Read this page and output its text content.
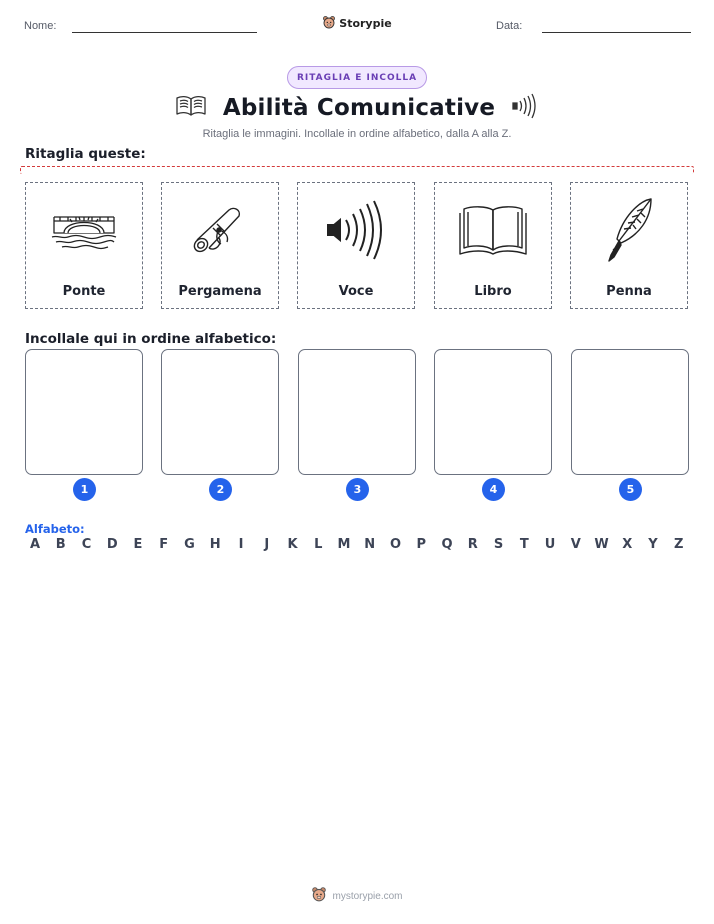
Nome:	Storypie	Data:
RITAGLIA E INCOLLA
Abilità Comunicative
Ritaglia le immagini. Incollale in ordine alfabetico, dalla A alla Z.
Ritaglia queste:
Ponte	Pergamena	Voce	Libro	Penna
Incollale qui in ordine alfabetico:
1	2	3	4	5
Alfabeto:
A	B	C	D	E	F	G	H	I	J	K	L	M	N	O	P	Q	R	S	T	U	V	W	X	Y	Z
mystorypie.com
